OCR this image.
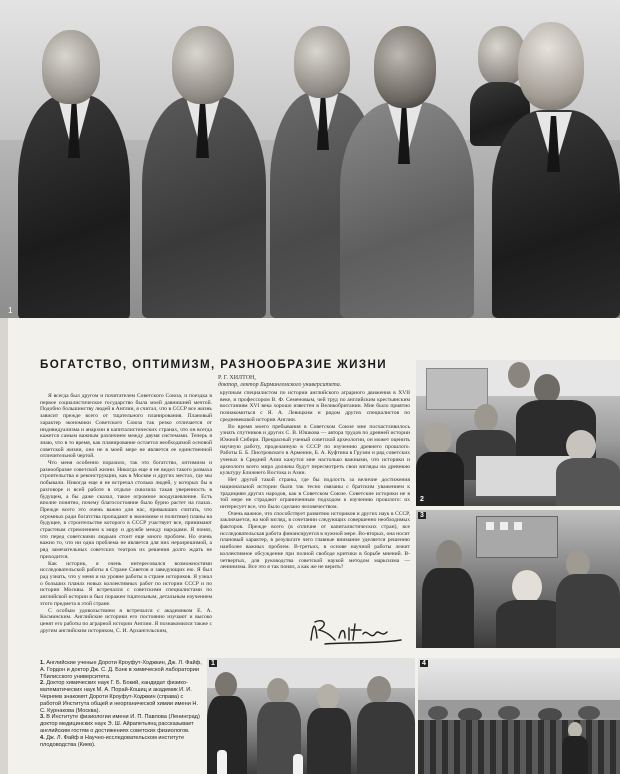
1
БОГАТСТВО, ОПТИМИЗМ, РАЗНООБРАЗИЕ ЖИЗНИ
Р. Г. ХИЛТОН,
доктор, лектор Бирмингемского университета.

Я всегда был другом и почитателем Советского Союза, и поездка в первое социалистическое государство была моей давнишней мечтой. Подобно большинству людей в Англии, я считал, что в СССР все жизнь зависит прежде всего от тщательного планирования. Плановый характер экономики Советского Союза так резко отличается от индивидуализма и анархии в капиталистических странах, что он всегда кажется самым важным различием между двумя системами. Теперь я знаю, что в то время, как планирование остается необходимой основой советской жизни, оно не в моей мере не является ее единственной отличительной чертой.

Что меня особенно поразило, так это богатство, оптимизм и разнообразие советской жизни. Никогда еще я не видел такого размаха строительства и реконструкции, как в Москве и других местах, где мы побывали. Никогда еще я не встречал столько людей, у которых бы в разговоре и всей работе в отдыхе сквозила такая уверенность в будущем, а бы даже сказал, такое огромное воодушевление. Есть вполне понятно, почему благосостояние было бурно растет на глазах. Прежде всего это очень важно для нас, привыкших считать, что огромных ради богатства пропадают в экономике и политике) планы на будущее, в строительстве которого в СССР участвует все, принимают страстным стремлением к миру и дружбе между народами. Я понял, что перед советскими людьми стоит еще много проблем. Но очень важно то, что ни одна проблема не является для них неразрешимой, а ряд замечательных советских театров их решения долго ждать не приходится.

Как историк, я очень интересовался возможностями исследовательской работы в Стране Советов и заведующих ею. Я был рад узнать, что у меня и на уровне работы в стране историков. Я узнал о больших планах новых коллективных работ по истории СССР и по истории Москвы. Я встречался с советскими специалистами по английской истории и был поражен тщательным, детальным изучением этого предмета в этой стране.

С особым удовольствием я встречался с академиком Е. А. Косминским. Английские историки его постоянно изучают и высоко ценят его работы по аграрной истории Англии. Я познакомился также с другим английским историком, С. И. Архангельским,

крупным специалистом по истории английского аграрного движения в XVII веке, и профессором В. Ф. Семеновым, чей труд по английским крестьянским восстаниям XVI века хорошо известен в Великобритании. Мне было приятно познакомиться с Я. А. Левицким и рядом других специалистов по средневековой истории Англии.

Во время моего пребывания в Советском Союзе мне посчастливилось узнать спутников и других С. В. Юшкова — автора трудов по древней истории Южной Сибири. Прекрасный ученый советской археологии, он может оценить научную работу, проделанную в СССР по изучению древнего прошлого. Работы Б. Б. Пиотровского в Армении, Б. А. Куфтина в Грузии и ряд советских ученых в Средней Азии кажутся мне настолько важными, что историки и археологи всего мира должны будут пересмотреть свои взгляды на древнюю культуру Ближнего Востока и Азии.

Нет другой такой страны, где бы подлость за величие достижения национальной истории были так тесно связаны с братским уважением к традициям других народов, как в Советском Союзе. Советские историки не в той мере не страдают ограниченным подходом к изучению прошлого: их интересует все, что было сделано человечеством.

Очень важное, что способствует развитию историков и других наук в СССР, заключается, на мой взгляд, в сочетании следующих совершенно необходимых факторов. Прежде всего (в отличие от капиталистических стран), все исследовательская работа финансируется в нужной мере. Во-вторых, она носит плановый характер, в результате чего главные внимание уделяется решению наиболее важных проблем. В-третьих, в основе научной работы лежит коллективное обсуждение при полной свободе критики в борьбе мнений. В-четвертых, для руководства советской наукой методом марксизма — ленинизма. Все это я так понял, а как же не верить?

1. Английские ученые Дороти Кроуфут-Ходжкин, Дж. Л. Файф, А. Гордон и доктор Дж. С. Д. Бэнк в химической лаборатории Тбилисского университета.

2. Доктор химических наук Г. Б. Бокий, кандидат физико-математических наук М. А. Порай-Кошиц и академик И. И. Черняев знакомят Дороти Кроуфут-Ходжкин (справа) с работой Института общей и неорганической химии имени Н. С. Курнакова (Москва).

3. В Институте физиологии имени И. П. Павлова (Ленинград) доктор медицинских наук Э. Ш. Айрапетьянц рассказывает английским гостям о достижениях советских физиологов.

4. Дж. Л. Файф в Научно-исследовательском институте плодоводства (Киев).

2
3
1	4
